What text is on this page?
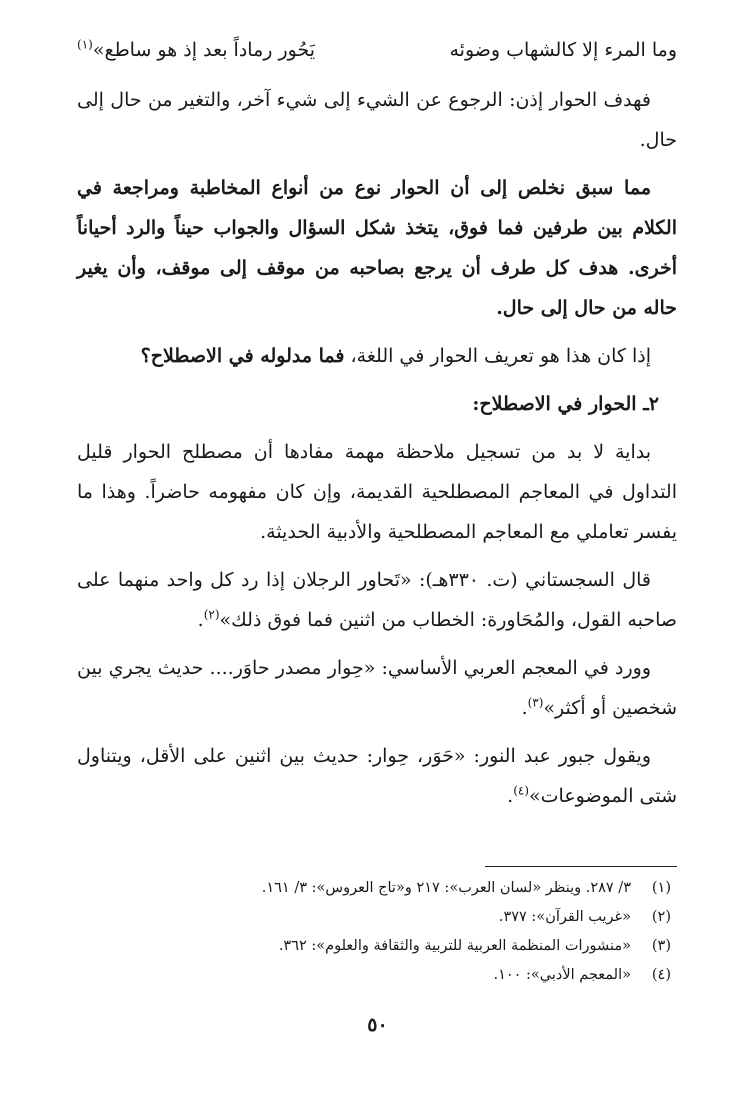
وما المرء إلا كالشهاب وضوئه
يَحُور رماداً بعد إذ هو ساطع»$^{(١)}$

فهدف الحوار إذن: الرجوع عن الشيء إلى شيء آخر، والتغير من حال إلى حال.

مما سبق نخلص إلى أن الحوار نوع من أنواع المخاطبة ومراجعة في الكلام بين طرفين فما فوق، يتخذ شكل السؤال والجواب حيناً والرد أحياناً أخرى. هدف كل طرف أن يرجع بصاحبه من موقف إلى موقف، وأن يغير حاله من حال إلى حال.

إذا كان هذا هو تعريف الحوار في اللغة، فما مدلوله في الاصطلاح؟

٢ـ الحوار في الاصطلاح:

بداية لا بد من تسجيل ملاحظة مهمة مفادها أن مصطلح الحوار قليل التداول في المعاجم المصطلحية القديمة، وإن كان مفهومه حاضراً. وهذا ما يفسر تعاملي مع المعاجم المصطلحية والأدبية الحديثة.

قال السجستاني (ت. ٣٣٠هـ): «تَحاور الرجلان إذا رد كل واحد منهما على صاحبه القول، والمُحَاورة: الخطاب من اثنين فما فوق ذلك»$^{(٢)}$.

وورد في المعجم العربي الأساسي: «حِوار مصدر حاوَر.... حديث يجري بين شخصين أو أكثر»$^{(٣)}$.

ويقول جبور عبد النور: «حَوَر، حِوار: حديث بين اثنين على الأقل، ويتناول شتى الموضوعات»$^{(٤)}$.

(١)
٣/ ٢٨٧. وينظر «لسان العرب»: ٢١٧ و«تاج العروس»: ٣/ ١٦١.

(٢)
«غريب القرآن»: ٣٧٧.

(٣)
«منشورات المنظمة العربية للتربية والثقافة والعلوم»: ٣٦٢.

(٤)
«المعجم الأدبي»: ١٠٠.

٥٠
